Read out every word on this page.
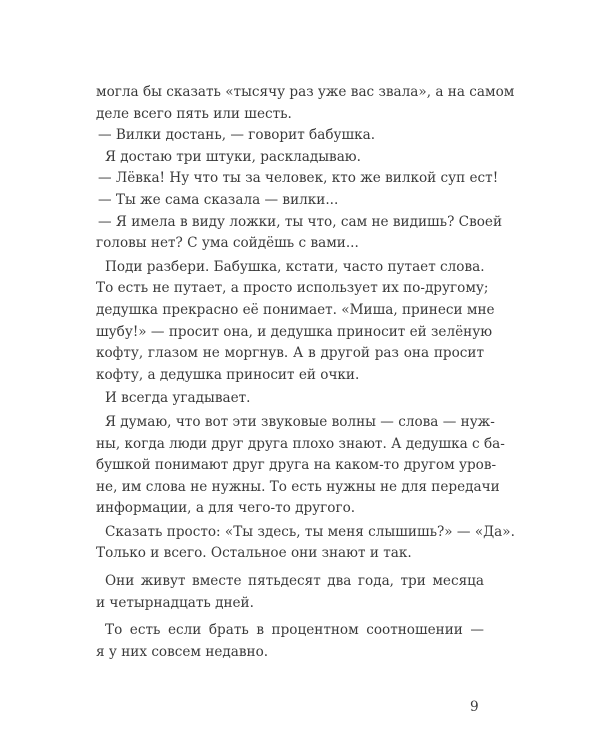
могла бы сказать «тысячу раз уже вас звала», а на самом
деле всего пять или шесть.
— Вилки достань, — говорит бабушка.
Я достаю три штуки, раскладываю.
— Лёвка! Ну что ты за человек, кто же вилкой суп ест!
— Ты же сама сказала — вилки...
— Я имела в виду ложки, ты что, сам не видишь? Своей
головы нет? С ума сойдёшь с вами...
Поди разбери. Бабушка, кстати, часто путает слова.
То есть не путает, а просто использует их по-другому;
дедушка прекрасно её понимает. «Миша, принеси мне
шубу!» — просит она, и дедушка приносит ей зелёную
кофту, глазом не моргнув. А в другой раз она просит
кофту, а дедушка приносит ей очки.
И всегда угадывает.
Я думаю, что вот эти звуковые волны — слова — нуж-
ны, когда люди друг друга плохо знают. А дедушка с ба-
бушкой понимают друг друга на каком-то другом уров-
не, им слова не нужны. То есть нужны не для передачи
информации, а для чего-то другого.
Сказать просто: «Ты здесь, ты меня слышишь?» — «Да».
Только и всего. Остальное они знают и так.
Они живут вместе пятьдесят два года, три месяца
и четырнадцать дней.
То есть если брать в процентном соотношении —
я у них совсем недавно.
9
